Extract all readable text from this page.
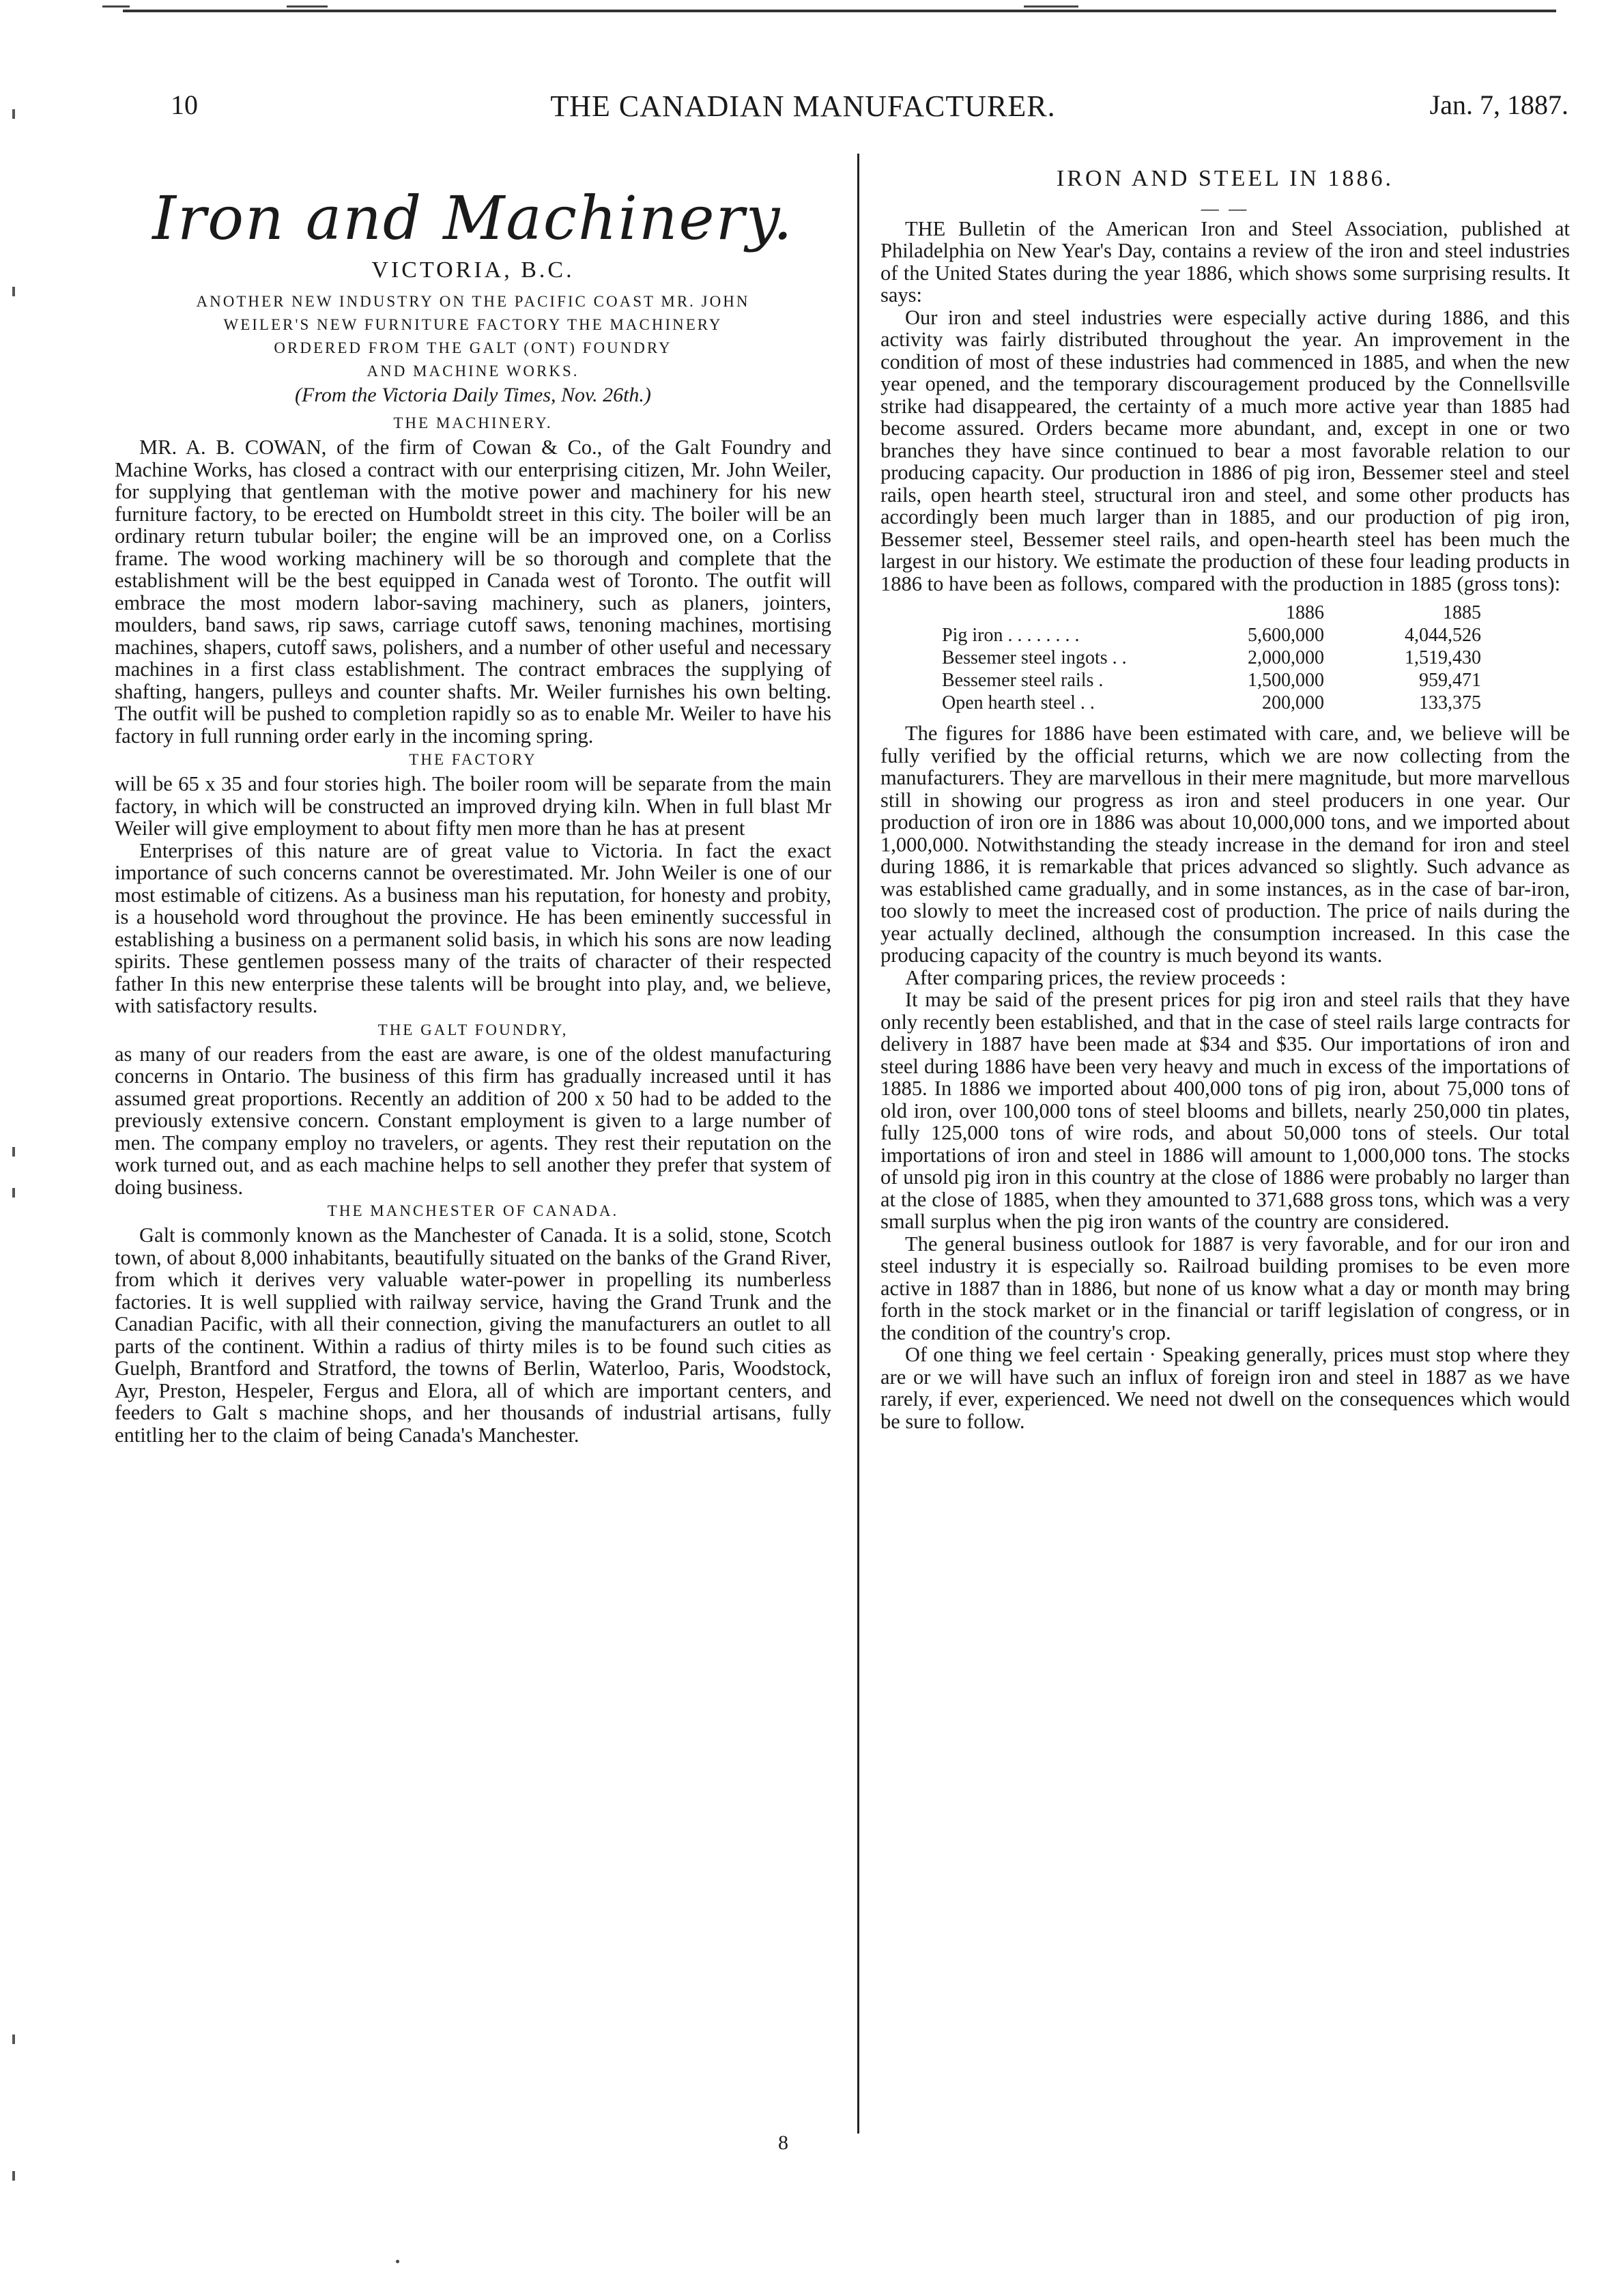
10	THE CANADIAN MANUFACTURER.	Jan. 7, 1887.
Iron and Machinery.
VICTORIA, B.C.
ANOTHER NEW INDUSTRY ON THE PACIFIC COAST MR. JOHN
WEILER'S NEW FURNITURE FACTORY THE MACHINERY
ORDERED FROM THE GALT (ONT) FOUNDRY
AND MACHINE WORKS.
(From the Victoria Daily Times, Nov. 26th.)
THE MACHINERY.

MR. A. B. COWAN, of the firm of Cowan & Co., of the Galt Foundry and Machine Works, has closed a contract with our enterprising citizen, Mr. John Weiler, for supplying that gentleman with the motive power and machinery for his new furniture factory, to be erected on Humboldt street in this city. The boiler will be an ordinary return tubular boiler; the engine will be an improved one, on a Corliss frame. The wood working machinery will be so thorough and complete that the establishment will be the best equipped in Canada west of Toronto. The outfit will embrace the most modern labor-saving machinery, such as planers, jointers, moulders, band saws, rip saws, carriage cutoff saws, tenoning machines, mortising machines, shapers, cutoff saws, polishers, and a number of other useful and necessary machines in a first class establishment. The contract embraces the supplying of shafting, hangers, pulleys and counter shafts. Mr. Weiler furnishes his own belting. The outfit will be pushed to completion rapidly so as to enable Mr. Weiler to have his factory in full running order early in the incoming spring.

THE FACTORY

will be 65 x 35 and four stories high. The boiler room will be separate from the main factory, in which will be constructed an improved drying kiln. When in full blast Mr Weiler will give employment to about fifty men more than he has at present

Enterprises of this nature are of great value to Victoria. In fact the exact importance of such concerns cannot be overestimated. Mr. John Weiler is one of our most estimable of citizens. As a business man his reputation, for honesty and probity, is a household word throughout the province. He has been eminently successful in establishing a business on a permanent solid basis, in which his sons are now leading spirits. These gentlemen possess many of the traits of character of their respected father In this new enterprise these talents will be brought into play, and, we believe, with satisfactory results.

THE GALT FOUNDRY,

as many of our readers from the east are aware, is one of the oldest manufacturing concerns in Ontario. The business of this firm has gradually increased until it has assumed great proportions. Recently an addition of 200 x 50 had to be added to the previously extensive concern. Constant employment is given to a large number of men. The company employ no travelers, or agents. They rest their reputation on the work turned out, and as each machine helps to sell another they prefer that system of doing business.

THE MANCHESTER OF CANADA.

Galt is commonly known as the Manchester of Canada. It is a solid, stone, Scotch town, of about 8,000 inhabitants, beautifully situated on the banks of the Grand River, from which it derives very valuable water-power in propelling its numberless factories. It is well supplied with railway service, having the Grand Trunk and the Canadian Pacific, with all their connection, giving the manufacturers an outlet to all parts of the continent. Within a radius of thirty miles is to be found such cities as Guelph, Brantford and Stratford, the towns of Berlin, Waterloo, Paris, Woodstock, Ayr, Preston, Hespeler, Fergus and Elora, all of which are important centers, and feeders to Galt s machine shops, and her thousands of industrial artisans, fully entitling her to the claim of being Canada's Manchester.

IRON AND STEEL IN 1886.
— —

THE Bulletin of the American Iron and Steel Association, published at Philadelphia on New Year's Day, contains a review of the iron and steel industries of the United States during the year 1886, which shows some surprising results. It says:

Our iron and steel industries were especially active during 1886, and this activity was fairly distributed throughout the year. An improvement in the condition of most of these industries had commenced in 1885, and when the new year opened, and the temporary discouragement produced by the Connellsville strike had disappeared, the certainty of a much more active year than 1885 had become assured. Orders became more abundant, and, except in one or two branches they have since continued to bear a most favorable relation to our producing capacity. Our production in 1886 of pig iron, Bessemer steel and steel rails, open hearth steel, structural iron and steel, and some other products has accordingly been much larger than in 1885, and our production of pig iron, Bessemer steel, Bessemer steel rails, and open-hearth steel has been much the largest in our history. We estimate the production of these four leading products in 1886 to have been as follows, compared with the production in 1885 (gross tons):

1886	1885
Pig iron . . . . . . . .	5,600,000	4,044,526
Bessemer steel ingots . .	2,000,000	1,519,430
Bessemer steel rails .	1,500,000	959,471
Open hearth steel . .	200,000	133,375

The figures for 1886 have been estimated with care, and, we believe will be fully verified by the official returns, which we are now collecting from the manufacturers. They are marvellous in their mere magnitude, but more marvellous still in showing our progress as iron and steel producers in one year. Our production of iron ore in 1886 was about 10,000,000 tons, and we imported about 1,000,000. Notwithstanding the steady increase in the demand for iron and steel during 1886, it is remarkable that prices advanced so slightly. Such advance as was established came gradually, and in some instances, as in the case of bar-iron, too slowly to meet the increased cost of production. The price of nails during the year actually declined, although the consumption increased. In this case the producing capacity of the country is much beyond its wants.

After comparing prices, the review proceeds :

It may be said of the present prices for pig iron and steel rails that they have only recently been established, and that in the case of steel rails large contracts for delivery in 1887 have been made at $34 and $35. Our importations of iron and steel during 1886 have been very heavy and much in excess of the importations of 1885. In 1886 we imported about 400,000 tons of pig iron, about 75,000 tons of old iron, over 100,000 tons of steel blooms and billets, nearly 250,000 tin plates, fully 125,000 tons of wire rods, and about 50,000 tons of steels. Our total importations of iron and steel in 1886 will amount to 1,000,000 tons. The stocks of unsold pig iron in this country at the close of 1886 were probably no larger than at the close of 1885, when they amounted to 371,688 gross tons, which was a very small surplus when the pig iron wants of the country are considered.

The general business outlook for 1887 is very favorable, and for our iron and steel industry it is especially so. Railroad building promises to be even more active in 1887 than in 1886, but none of us know what a day or month may bring forth in the stock market or in the financial or tariff legislation of congress, or in the condition of the country's crop.

Of one thing we feel certain · Speaking generally, prices must stop where they are or we will have such an influx of foreign iron and steel in 1887 as we have rarely, if ever, experienced. We need not dwell on the consequences which would be sure to follow.

8
